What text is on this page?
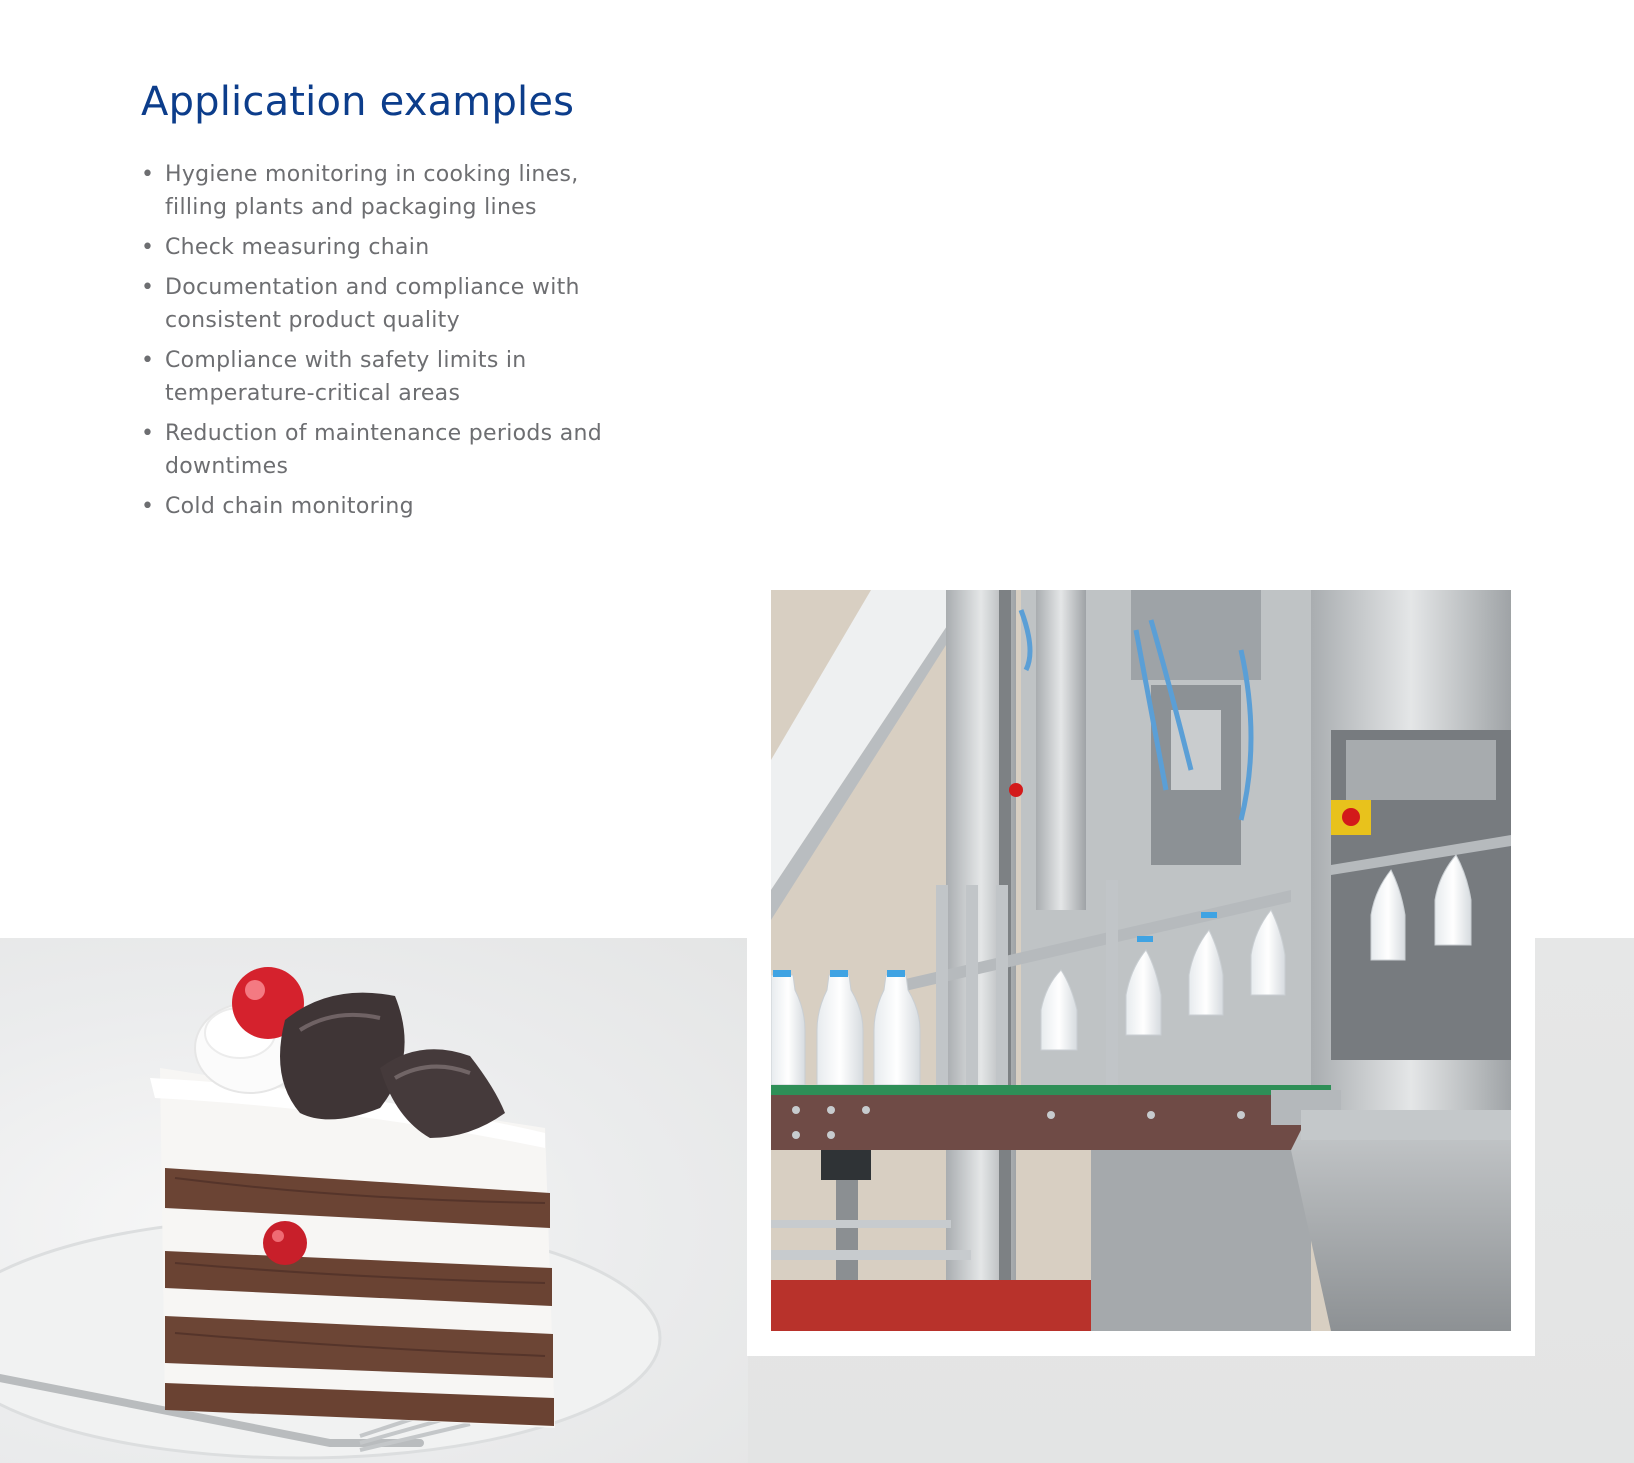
Application examples
• Hygiene monitoring in cooking lines, filling plants and packaging lines
• Check measuring chain
• Documentation and compliance with consistent product quality
• Compliance with safety limits in temperature-critical areas
• Reduction of maintenance periods and downtimes
• Cold chain monitoring
